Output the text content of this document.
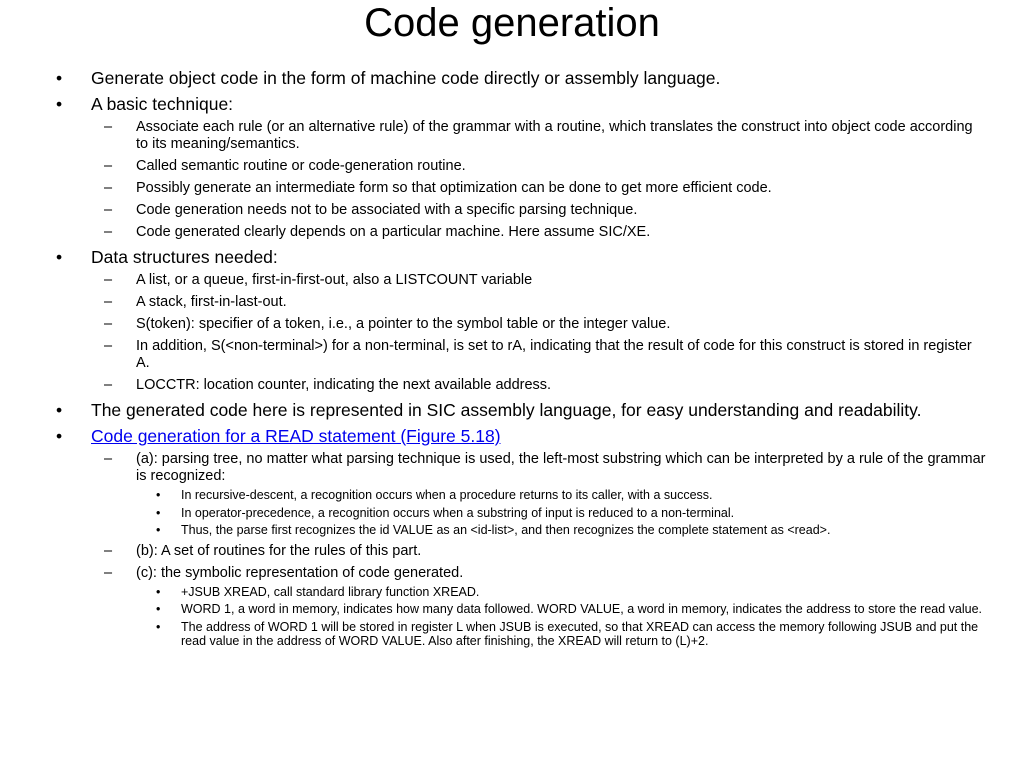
Code generation
•	Generate object code in the form of machine code directly or assembly language.
•	A basic technique:
– Associate each rule (or an alternative rule) of the grammar with a routine, which translates the construct into object code according to its meaning/semantics.
– Called semantic routine or code-generation routine.
– Possibly generate an intermediate form so that optimization can be done to get more efficient code.
– Code generation needs not to be associated with a specific parsing technique.
– Code generated clearly depends on a particular machine. Here assume SIC/XE.
•	Data structures needed:
– A list, or a queue, first-in-first-out, also a LISTCOUNT variable
– A stack, first-in-last-out.
– S(token): specifier of a token, i.e., a pointer to the symbol table or the integer value.
– In addition, S(<non-terminal>) for a non-terminal, is set to rA, indicating that the result of code for this construct is stored in register A.
– LOCCTR: location counter, indicating the next available address.
•	The generated code here is represented in SIC assembly language, for easy understanding and readability.
•	Code generation for a READ statement (Figure 5.18)
– (a): parsing tree, no matter what parsing technique is used, the left-most substring which can be interpreted by a rule of the grammar is recognized:
• In recursive-descent, a recognition occurs when a procedure returns to its caller, with a success.
• In operator-precedence, a recognition occurs when a substring of input is reduced to a non-terminal.
• Thus, the parse first recognizes the id VALUE as an <id-list>, and then recognizes the complete statement as <read>.
– (b): A set of routines for the rules of this part.
– (c): the symbolic representation of code generated.
• +JSUB XREAD, call standard library function XREAD.
• WORD 1, a word in memory, indicates how many data followed. WORD VALUE, a word in memory, indicates the address to store the read value.
• The address of WORD 1 will be stored in register L when JSUB is executed, so that XREAD can access the memory following JSUB and put the read value in the address of WORD VALUE. Also after finishing, the XREAD will return to (L)+2.
